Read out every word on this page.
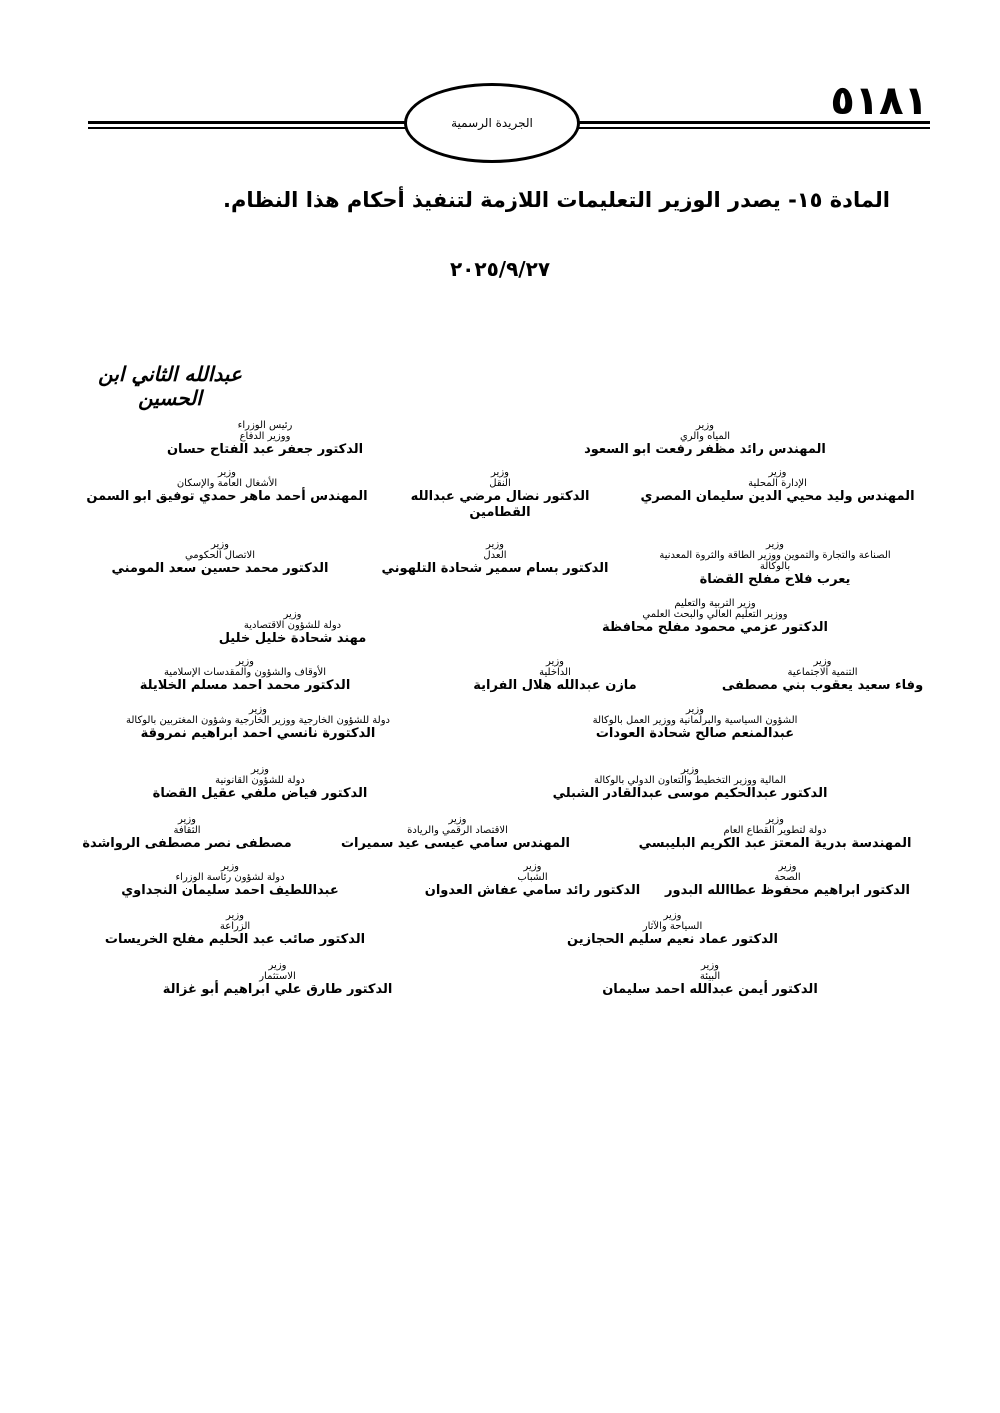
٥١٨١
الجريدة الرسمية
المادة ١٥- يصدر الوزير التعليمات اللازمة لتنفيذ أحكام هذا النظام.
٢٠٢٥/٩/٢٧
عبدالله الثاني ابن الحسين
رئيس الوزراء
ووزير الدفاع
الدكتور جعفر عبد الفتاح حسان
وزير
المياه والري
المهندس رائد مظفر رفعت ابو السعود
وزير
الأشغال العامة والإسكان
المهندس أحمد ماهر حمدي توفيق ابو السمن
وزير
النقل
الدكتور نضال مرضي عبدالله القطامين
وزير
الإدارة المحلية
المهندس وليد محيي الدين سليمان المصري
وزير
الاتصال الحكومي
الدكتور محمد حسين سعد المومني
وزير
العدل
الدكتور بسام سمير شحادة التلهوني
وزير
الصناعة والتجارة والتموين ووزير الطاقة والثروة المعدنية
بالوكالة
يعرب فلاح مفلح القضاة
وزير
دولة للشؤون الاقتصادية
مهند شحادة خليل خليل
وزير التربية والتعليم
ووزير التعليم العالي والبحث العلمي
الدكتور عزمي محمود مفلح محافظة
وزير
الأوقاف والشؤون والمقدسات الإسلامية
الدكتور محمد احمد مسلم الخلايلة
وزير
الداخلية
مازن عبدالله هلال الفراية
وزير
التنمية الاجتماعية
وفاء سعيد يعقوب بني مصطفى
وزير
دولة للشؤون الخارجية ووزير الخارجية وشؤون المغتربين بالوكالة
الدكتورة نانسي احمد ابراهيم نمروقة
وزير
الشؤون السياسية والبرلمانية ووزير العمل بالوكالة
عبدالمنعم صالح شحادة العودات
وزير
دولة للشؤون القانونية
الدكتور فياض ملفي عقيل القضاة
وزير
المالية ووزير التخطيط والتعاون الدولي بالوكالة
الدكتور عبدالحكيم موسى عبدالقادر الشبلي
وزير
الثقافة
مصطفى نصر مصطفى الرواشدة
وزير
الاقتصاد الرقمي والريادة
المهندس سامي عيسى عيد سميرات
وزير
دولة لتطوير القطاع العام
المهندسة بدرية المعتز عبد الكريم البليبسي
وزير
دولة لشؤون رئاسة الوزراء
عبداللطيف احمد سليمان النجداوي
وزير
الشباب
الدكتور رائد سامي عفاش العدوان
وزير
الصحة
الدكتور ابراهيم محفوظ عطاالله البدور
وزير
الزراعة
الدكتور صائب عبد الحليم مفلح الخريسات
وزير
السياحة والآثار
الدكتور عماد نعيم سليم الحجازين
وزير
الاستثمار
الدكتور طارق علي ابراهيم أبو غزالة
وزير
البيئة
الدكتور أيمن عبدالله احمد سليمان
